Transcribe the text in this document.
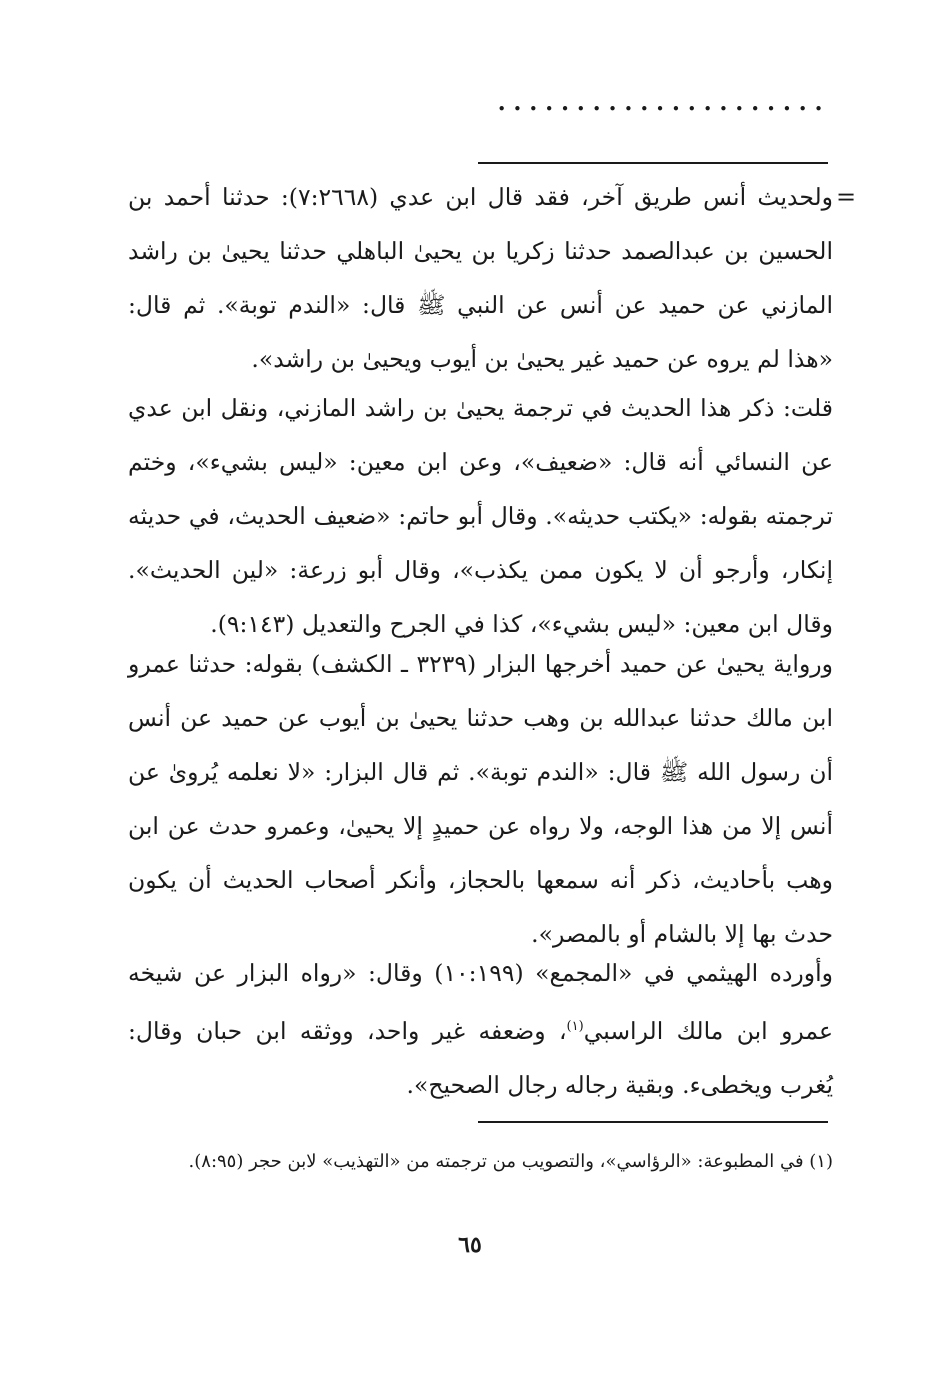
•••••••••••••••••••••
=

ولحديث أنس طريق آخر، فقد قال ابن عدي (٧:٢٦٦٨): حدثنا أحمد بن الحسين بن عبدالصمد حدثنا زكريا بن يحيىٰ الباهلي حدثنا يحيىٰ بن راشد المازني عن حميد عن أنس عن النبي ﷺ قال: «الندم توبة». ثم قال: «هذا لم يروه عن حميد غير يحيىٰ بن أيوب ويحيىٰ بن راشد».

قلت: ذكر هذا الحديث في ترجمة يحيىٰ بن راشد المازني، ونقل ابن عدي عن النسائي أنه قال: «ضعيف»، وعن ابن معين: «ليس بشيء»، وختم ترجمته بقوله: «يكتب حديثه». وقال أبو حاتم: «ضعيف الحديث، في حديثه إنكار، وأرجو أن لا يكون ممن يكذب»، وقال أبو زرعة: «لين الحديث». وقال ابن معين: «ليس بشيء»، كذا في الجرح والتعديل (٩:١٤٣).

ورواية يحيىٰ عن حميد أخرجها البزار (٣٢٣٩ ـ الكشف) بقوله: حدثنا عمرو ابن مالك حدثنا عبدالله بن وهب حدثنا يحيىٰ بن أيوب عن حميد عن أنس أن رسول الله ﷺ قال: «الندم توبة». ثم قال البزار: «لا نعلمه يُروىٰ عن أنس إلا من هذا الوجه، ولا رواه عن حميدٍ إلا يحيىٰ، وعمرو حدث عن ابن وهب بأحاديث، ذكر أنه سمعها بالحجاز، وأنكر أصحاب الحديث أن يكون حدث بها إلا بالشام أو بالمصر».

وأورده الهيثمي في «المجمع» (١٠:١٩٩) وقال: «رواه البزار عن شيخه عمرو ابن مالك الراسبي$^{(١)}$، وضعفه غير واحد، ووثقه ابن حبان وقال: يُغرب ويخطىء. وبقية رجاله رجال الصحيح».

(١) في المطبوعة: «الرؤاسي»، والتصويب من ترجمته من «التهذيب» لابن حجر (٨:٩٥).
٦٥
